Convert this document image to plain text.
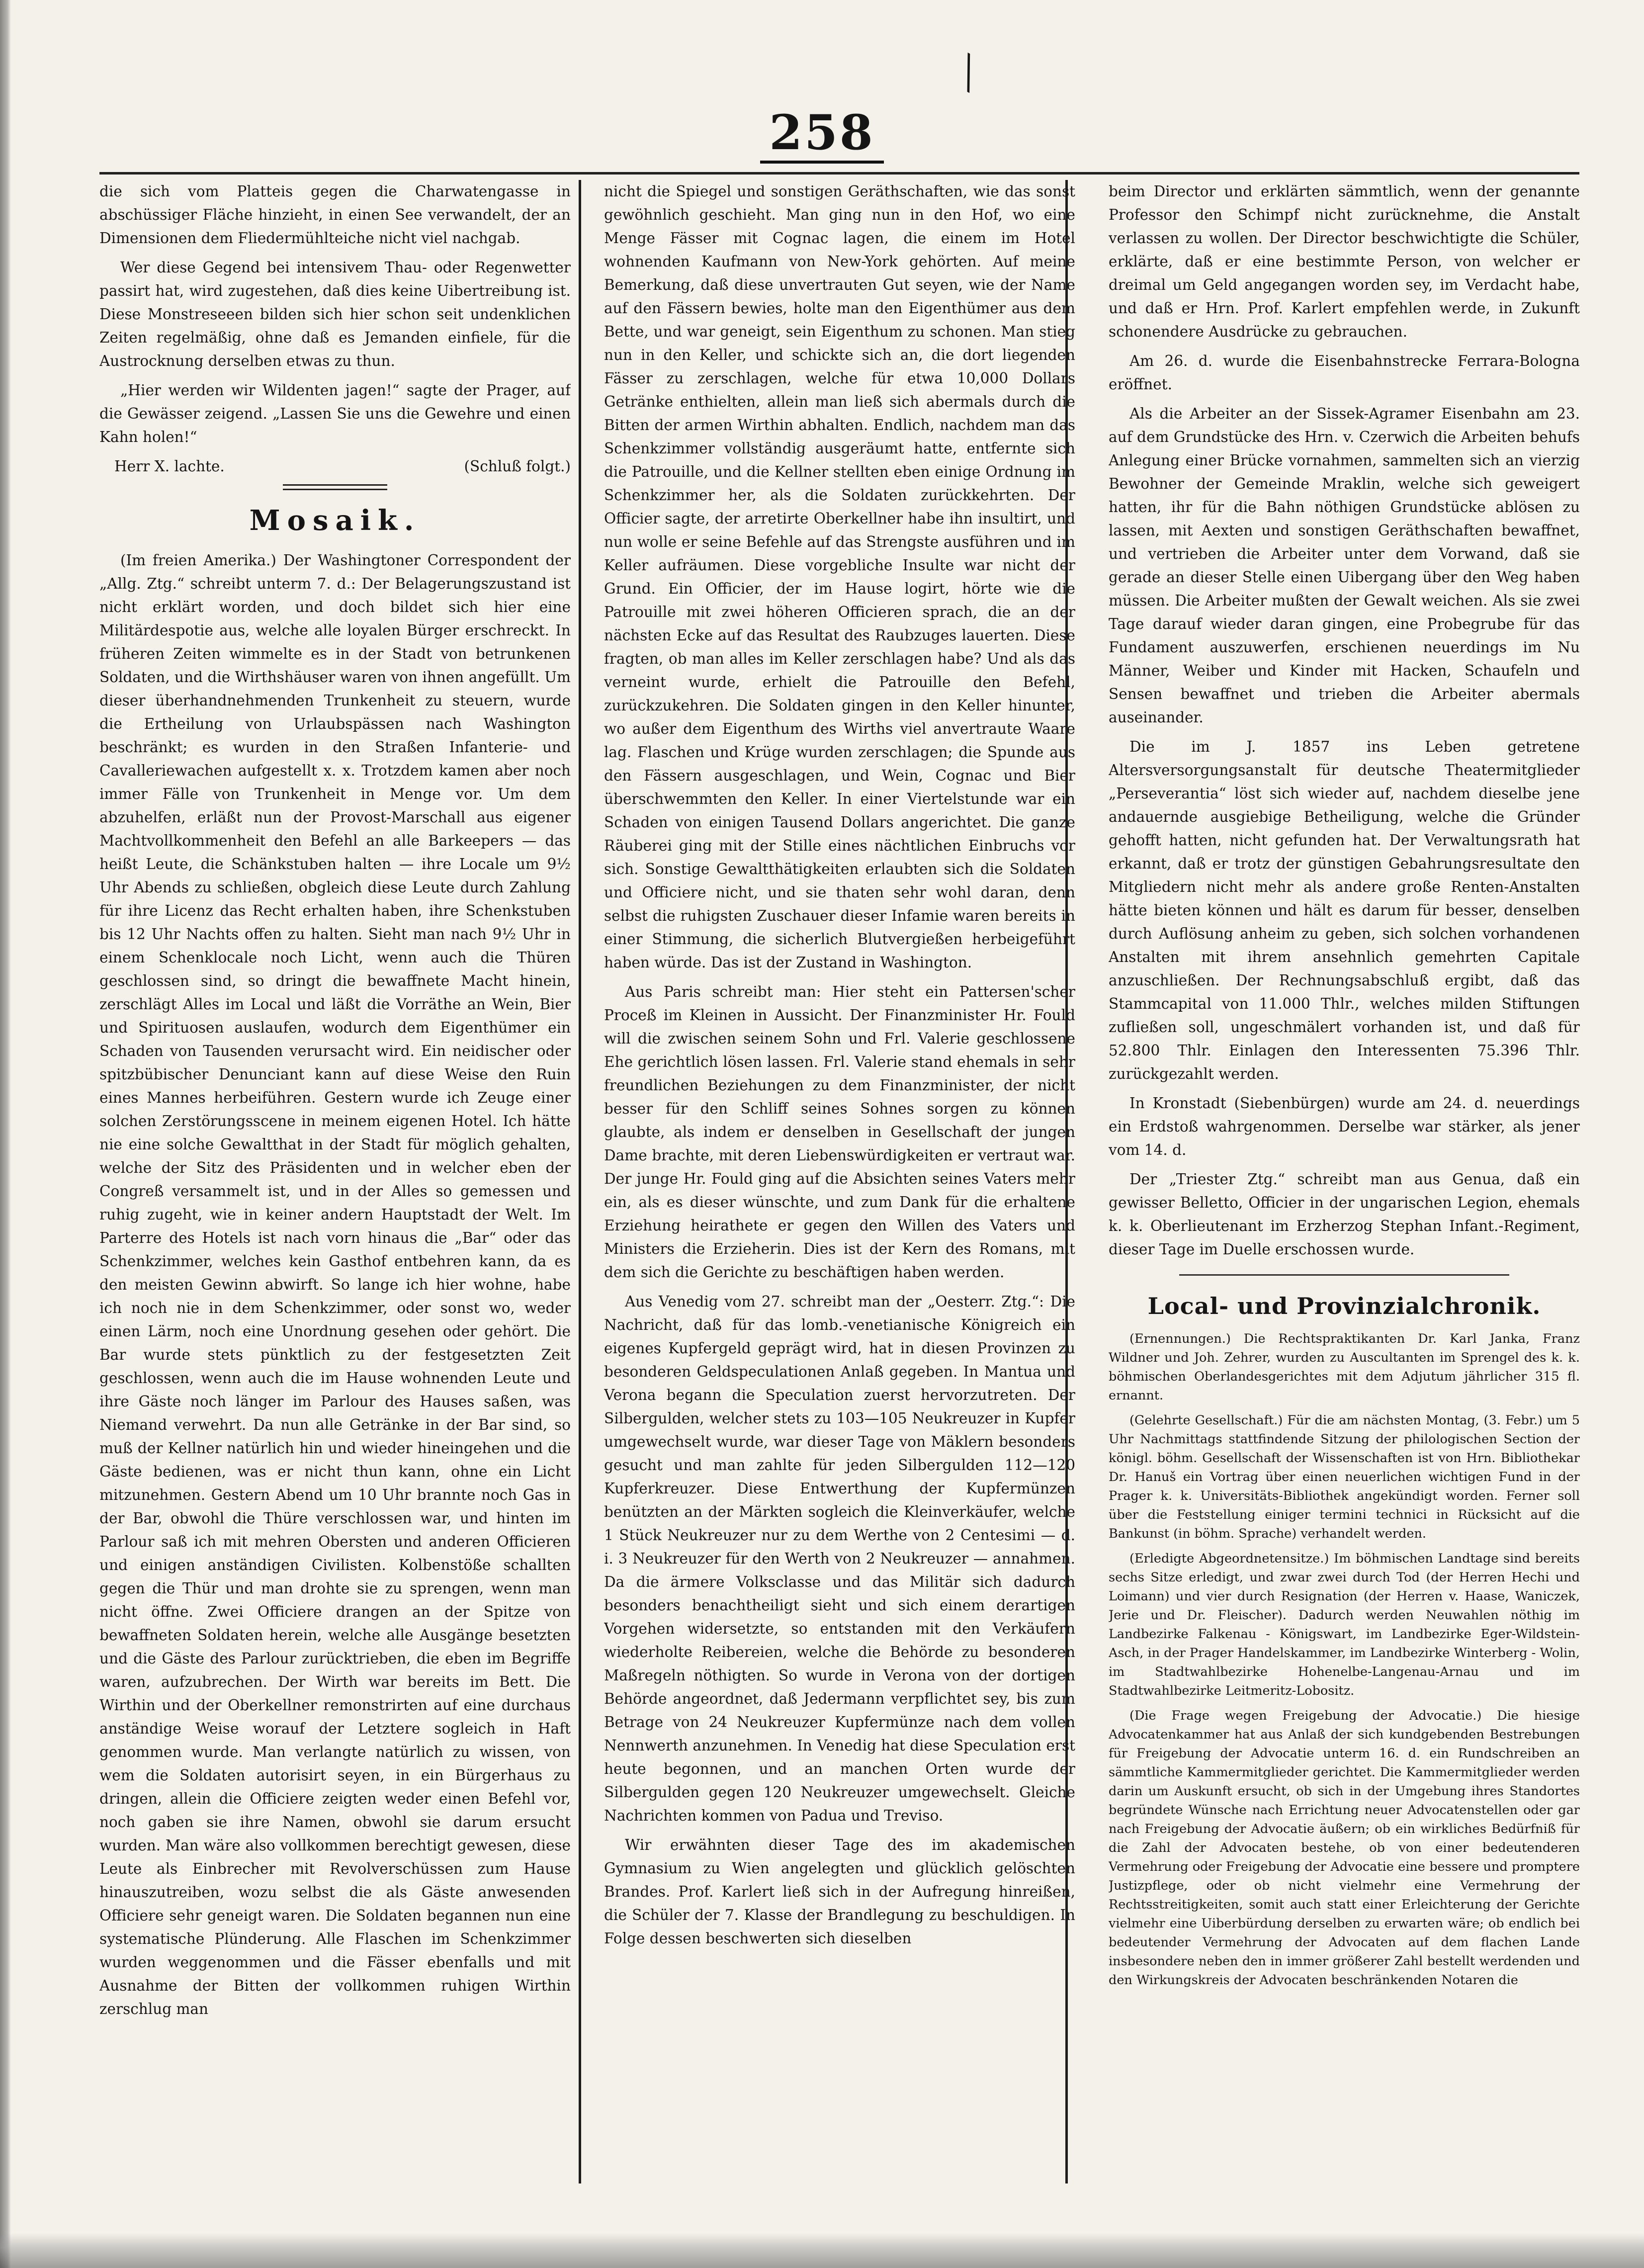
╲
258

die sich vom Platteis gegen die Charwatengasse in abschüssiger Fläche hinzieht, in einen See verwandelt, der an Dimensionen dem Fliedermühlteiche nicht viel nachgab.

Wer diese Gegend bei intensivem Thau- oder Regenwetter passirt hat, wird zugestehen, daß dies keine Uibertreibung ist. Diese Monstreseeen bilden sich hier schon seit undenklichen Zeiten regelmäßig, ohne daß es Jemanden einfiele, für die Austrocknung derselben etwas zu thun.

„Hier werden wir Wildenten jagen!“ sagte der Prager, auf die Gewässer zeigend. „Lassen Sie uns die Gewehre und einen Kahn holen!“

Herr X. lachte.	(Schluß folgt.)
Mosaik.

(Im freien Amerika.) Der Washingtoner Correspondent der „Allg. Ztg.“ schreibt unterm 7. d.: Der Belagerungszustand ist nicht erklärt worden, und doch bildet sich hier eine Militärdespotie aus, welche alle loyalen Bürger erschreckt. In früheren Zeiten wimmelte es in der Stadt von betrunkenen Soldaten, und die Wirthshäuser waren von ihnen angefüllt. Um dieser überhandnehmenden Trunkenheit zu steuern, wurde die Ertheilung von Urlaubspässen nach Washington beschränkt; es wurden in den Straßen Infanterie- und Cavalleriewachen aufgestellt x. x. Trotzdem kamen aber noch immer Fälle von Trunkenheit in Menge vor. Um dem abzuhelfen, erläßt nun der Provost-Marschall aus eigener Machtvollkommenheit den Befehl an alle Barkeepers — das heißt Leute, die Schänkstuben halten — ihre Locale um 9½ Uhr Abends zu schließen, obgleich diese Leute durch Zahlung für ihre Licenz das Recht erhalten haben, ihre Schenkstuben bis 12 Uhr Nachts offen zu halten. Sieht man nach 9½ Uhr in einem Schenklocale noch Licht, wenn auch die Thüren geschlossen sind, so dringt die bewaffnete Macht hinein, zerschlägt Alles im Local und läßt die Vorräthe an Wein, Bier und Spirituosen auslaufen, wodurch dem Eigenthümer ein Schaden von Tausenden verursacht wird. Ein neidischer oder spitzbübischer Denunciant kann auf diese Weise den Ruin eines Mannes herbeiführen. Gestern wurde ich Zeuge einer solchen Zerstörungsscene in meinem eigenen Hotel. Ich hätte nie eine solche Gewaltthat in der Stadt für möglich gehalten, welche der Sitz des Präsidenten und in welcher eben der Congreß versammelt ist, und in der Alles so gemessen und ruhig zugeht, wie in keiner andern Hauptstadt der Welt. Im Parterre des Hotels ist nach vorn hinaus die „Bar“ oder das Schenkzimmer, welches kein Gasthof entbehren kann, da es den meisten Gewinn abwirft. So lange ich hier wohne, habe ich noch nie in dem Schenkzimmer, oder sonst wo, weder einen Lärm, noch eine Unordnung gesehen oder gehört. Die Bar wurde stets pünktlich zu der festgesetzten Zeit geschlossen, wenn auch die im Hause wohnenden Leute und ihre Gäste noch länger im Parlour des Hauses saßen, was Niemand verwehrt. Da nun alle Getränke in der Bar sind, so muß der Kellner natürlich hin und wieder hineingehen und die Gäste bedienen, was er nicht thun kann, ohne ein Licht mitzunehmen. Gestern Abend um 10 Uhr brannte noch Gas in der Bar, obwohl die Thüre verschlossen war, und hinten im Parlour saß ich mit mehren Obersten und anderen Officieren und einigen anständigen Civilisten. Kolbenstöße schallten gegen die Thür und man drohte sie zu sprengen, wenn man nicht öffne. Zwei Officiere drangen an der Spitze von bewaffneten Soldaten herein, welche alle Ausgänge besetzten und die Gäste des Parlour zurücktrieben, die eben im Begriffe waren, aufzubrechen. Der Wirth war bereits im Bett. Die Wirthin und der Oberkellner remonstrirten auf eine durchaus anständige Weise worauf der Letztere sogleich in Haft genommen wurde. Man verlangte natürlich zu wissen, von wem die Soldaten autorisirt seyen, in ein Bürgerhaus zu dringen, allein die Officiere zeigten weder einen Befehl vor, noch gaben sie ihre Namen, obwohl sie darum ersucht wurden. Man wäre also vollkommen berechtigt gewesen, diese Leute als Einbrecher mit Revolverschüssen zum Hause hinauszutreiben, wozu selbst die als Gäste anwesenden Officiere sehr geneigt waren. Die Soldaten begannen nun eine systematische Plünderung. Alle Flaschen im Schenkzimmer wurden weggenommen und die Fässer ebenfalls und mit Ausnahme der Bitten der vollkommen ruhigen Wirthin zerschlug man

nicht die Spiegel und sonstigen Geräthschaften, wie das sonst gewöhnlich geschieht. Man ging nun in den Hof, wo eine Menge Fässer mit Cognac lagen, die einem im Hotel wohnenden Kaufmann von New-York gehörten. Auf meine Bemerkung, daß diese unvertrauten Gut seyen, wie der Name auf den Fässern bewies, holte man den Eigenthümer aus dem Bette, und war geneigt, sein Eigenthum zu schonen. Man stieg nun in den Keller, und schickte sich an, die dort liegenden Fässer zu zerschlagen, welche für etwa 10,000 Dollars Getränke enthielten, allein man ließ sich abermals durch die Bitten der armen Wirthin abhalten. Endlich, nachdem man das Schenkzimmer vollständig ausgeräumt hatte, entfernte sich die Patrouille, und die Kellner stellten eben einige Ordnung im Schenkzimmer her, als die Soldaten zurückkehrten. Der Officier sagte, der arretirte Oberkellner habe ihn insultirt, und nun wolle er seine Befehle auf das Strengste ausführen und im Keller aufräumen. Diese vorgebliche Insulte war nicht der Grund. Ein Officier, der im Hause logirt, hörte wie die Patrouille mit zwei höheren Officieren sprach, die an der nächsten Ecke auf das Resultat des Raubzuges lauerten. Diese fragten, ob man alles im Keller zerschlagen habe? Und als das verneint wurde, erhielt die Patrouille den Befehl, zurückzukehren. Die Soldaten gingen in den Keller hinunter, wo außer dem Eigenthum des Wirths viel anvertraute Waare lag. Flaschen und Krüge wurden zerschlagen; die Spunde aus den Fässern ausgeschlagen, und Wein, Cognac und Bier überschwemmten den Keller. In einer Viertelstunde war ein Schaden von einigen Tausend Dollars angerichtet. Die ganze Räuberei ging mit der Stille eines nächtlichen Einbruchs vor sich. Sonstige Gewaltthätigkeiten erlaubten sich die Soldaten und Officiere nicht, und sie thaten sehr wohl daran, denn selbst die ruhigsten Zuschauer dieser Infamie waren bereits in einer Stimmung, die sicherlich Blutvergießen herbeigeführt haben würde. Das ist der Zustand in Washington.

Aus Paris schreibt man: Hier steht ein Pattersen'scher Proceß im Kleinen in Aussicht. Der Finanzminister Hr. Fould will die zwischen seinem Sohn und Frl. Valerie geschlossene Ehe gerichtlich lösen lassen. Frl. Valerie stand ehemals in sehr freundlichen Beziehungen zu dem Finanzminister, der nicht besser für den Schliff seines Sohnes sorgen zu können glaubte, als indem er denselben in Gesellschaft der jungen Dame brachte, mit deren Liebenswürdigkeiten er vertraut war. Der junge Hr. Fould ging auf die Absichten seines Vaters mehr ein, als es dieser wünschte, und zum Dank für die erhaltene Erziehung heirathete er gegen den Willen des Vaters und Ministers die Erzieherin. Dies ist der Kern des Romans, mit dem sich die Gerichte zu beschäftigen haben werden.

Aus Venedig vom 27. schreibt man der „Oesterr. Ztg.“: Die Nachricht, daß für das lomb.-venetianische Königreich ein eigenes Kupfergeld geprägt wird, hat in diesen Provinzen zu besonderen Geldspeculationen Anlaß gegeben. In Mantua und Verona begann die Speculation zuerst hervorzutreten. Der Silbergulden, welcher stets zu 103—105 Neukreuzer in Kupfer umgewechselt wurde, war dieser Tage von Mäklern besonders gesucht und man zahlte für jeden Silbergulden 112—120 Kupferkreuzer. Diese Entwerthung der Kupfermünzen benützten an der Märkten sogleich die Kleinverkäufer, welche 1 Stück Neukreuzer nur zu dem Werthe von 2 Centesimi — d. i. 3 Neukreuzer für den Werth von 2 Neukreuzer — annahmen. Da die ärmere Volksclasse und das Militär sich dadurch besonders benachtheiligt sieht und sich einem derartigen Vorgehen widersetzte, so entstanden mit den Verkäufern wiederholte Reibereien, welche die Behörde zu besonderen Maßregeln nöthigten. So wurde in Verona von der dortigen Behörde angeordnet, daß Jedermann verpflichtet sey, bis zum Betrage von 24 Neukreuzer Kupfermünze nach dem vollen Nennwerth anzunehmen. In Venedig hat diese Speculation erst heute begonnen, und an manchen Orten wurde der Silbergulden gegen 120 Neukreuzer umgewechselt. Gleiche Nachrichten kommen von Padua und Treviso.

Wir erwähnten dieser Tage des im akademischen Gymnasium zu Wien angelegten und glücklich gelöschten Brandes. Prof. Karlert ließ sich in der Aufregung hinreißen, die Schüler der 7. Klasse der Brandlegung zu beschuldigen. In Folge dessen beschwerten sich dieselben

beim Director und erklärten sämmtlich, wenn der genannte Professor den Schimpf nicht zurücknehme, die Anstalt verlassen zu wollen. Der Director beschwichtigte die Schüler, erklärte, daß er eine bestimmte Person, von welcher er dreimal um Geld angegangen worden sey, im Verdacht habe, und daß er Hrn. Prof. Karlert empfehlen werde, in Zukunft schonendere Ausdrücke zu gebrauchen.

Am 26. d. wurde die Eisenbahnstrecke Ferrara-Bologna eröffnet.

Als die Arbeiter an der Sissek-Agramer Eisenbahn am 23. auf dem Grundstücke des Hrn. v. Czerwich die Arbeiten behufs Anlegung einer Brücke vornahmen, sammelten sich an vierzig Bewohner der Gemeinde Mraklin, welche sich geweigert hatten, ihr für die Bahn nöthigen Grundstücke ablösen zu lassen, mit Aexten und sonstigen Geräthschaften bewaffnet, und vertrieben die Arbeiter unter dem Vorwand, daß sie gerade an dieser Stelle einen Uibergang über den Weg haben müssen. Die Arbeiter mußten der Gewalt weichen. Als sie zwei Tage darauf wieder daran gingen, eine Probegrube für das Fundament auszuwerfen, erschienen neuerdings im Nu Männer, Weiber und Kinder mit Hacken, Schaufeln und Sensen bewaffnet und trieben die Arbeiter abermals auseinander.

Die im J. 1857 ins Leben getretene Altersversorgungsanstalt für deutsche Theatermitglieder „Perseverantia“ löst sich wieder auf, nachdem dieselbe jene andauernde ausgiebige Betheiligung, welche die Gründer gehofft hatten, nicht gefunden hat. Der Verwaltungsrath hat erkannt, daß er trotz der günstigen Gebahrungsresultate den Mitgliedern nicht mehr als andere große Renten-Anstalten hätte bieten können und hält es darum für besser, denselben durch Auflösung anheim zu geben, sich solchen vorhandenen Anstalten mit ihrem ansehnlich gemehrten Capitale anzuschließen. Der Rechnungsabschluß ergibt, daß das Stammcapital von 11.000 Thlr., welches milden Stiftungen zufließen soll, ungeschmälert vorhanden ist, und daß für 52.800 Thlr. Einlagen den Interessenten 75.396 Thlr. zurückgezahlt werden.

In Kronstadt (Siebenbürgen) wurde am 24. d. neuerdings ein Erdstoß wahrgenommen. Derselbe war stärker, als jener vom 14. d.

Der „Triester Ztg.“ schreibt man aus Genua, daß ein gewisser Belletto, Officier in der ungarischen Legion, ehemals k. k. Oberlieutenant im Erzherzog Stephan Infant.-Regiment, dieser Tage im Duelle erschossen wurde.

Local- und Provinzialchronik.

(Ernennungen.) Die Rechtspraktikanten Dr. Karl Janka, Franz Wildner und Joh. Zehrer, wurden zu Auscultanten im Sprengel des k. k. böhmischen Oberlandesgerichtes mit dem Adjutum jährlicher 315 fl. ernannt.

(Gelehrte Gesellschaft.) Für die am nächsten Montag, (3. Febr.) um 5 Uhr Nachmittags stattfindende Sitzung der philologischen Section der königl. böhm. Gesellschaft der Wissenschaften ist von Hrn. Bibliothekar Dr. Hanuš ein Vortrag über einen neuerlichen wichtigen Fund in der Prager k. k. Universitäts-Bibliothek angekündigt worden. Ferner soll über die Feststellung einiger termini technici in Rücksicht auf die Bankunst (in böhm. Sprache) verhandelt werden.

(Erledigte Abgeordnetensitze.) Im böhmischen Landtage sind bereits sechs Sitze erledigt, und zwar zwei durch Tod (der Herren Hechi und Loimann) und vier durch Resignation (der Herren v. Haase, Waniczek, Jerie und Dr. Fleischer). Dadurch werden Neuwahlen nöthig im Landbezirke Falkenau - Königswart, im Landbezirke Eger-Wildstein-Asch, in der Prager Handelskammer, im Landbezirke Winterberg - Wolin, im Stadtwahlbezirke Hohenelbe-Langenau-Arnau und im Stadtwahlbezirke Leitmeritz-Lobositz.

(Die Frage wegen Freigebung der Advocatie.) Die hiesige Advocatenkammer hat aus Anlaß der sich kundgebenden Bestrebungen für Freigebung der Advocatie unterm 16. d. ein Rundschreiben an sämmtliche Kammermitglieder gerichtet. Die Kammermitglieder werden darin um Auskunft ersucht, ob sich in der Umgebung ihres Standortes begründete Wünsche nach Errichtung neuer Advocatenstellen oder gar nach Freigebung der Advocatie äußern; ob ein wirkliches Bedürfniß für die Zahl der Advocaten bestehe, ob von einer bedeutenderen Vermehrung oder Freigebung der Advocatie eine bessere und promptere Justizpflege, oder ob nicht vielmehr eine Vermehrung der Rechtsstreitigkeiten, somit auch statt einer Erleichterung der Gerichte vielmehr eine Uiberbürdung derselben zu erwarten wäre; ob endlich bei bedeutender Vermehrung der Advocaten auf dem flachen Lande insbesondere neben den in immer größerer Zahl bestellt werdenden und den Wirkungskreis der Advocaten beschränkenden Notaren die
